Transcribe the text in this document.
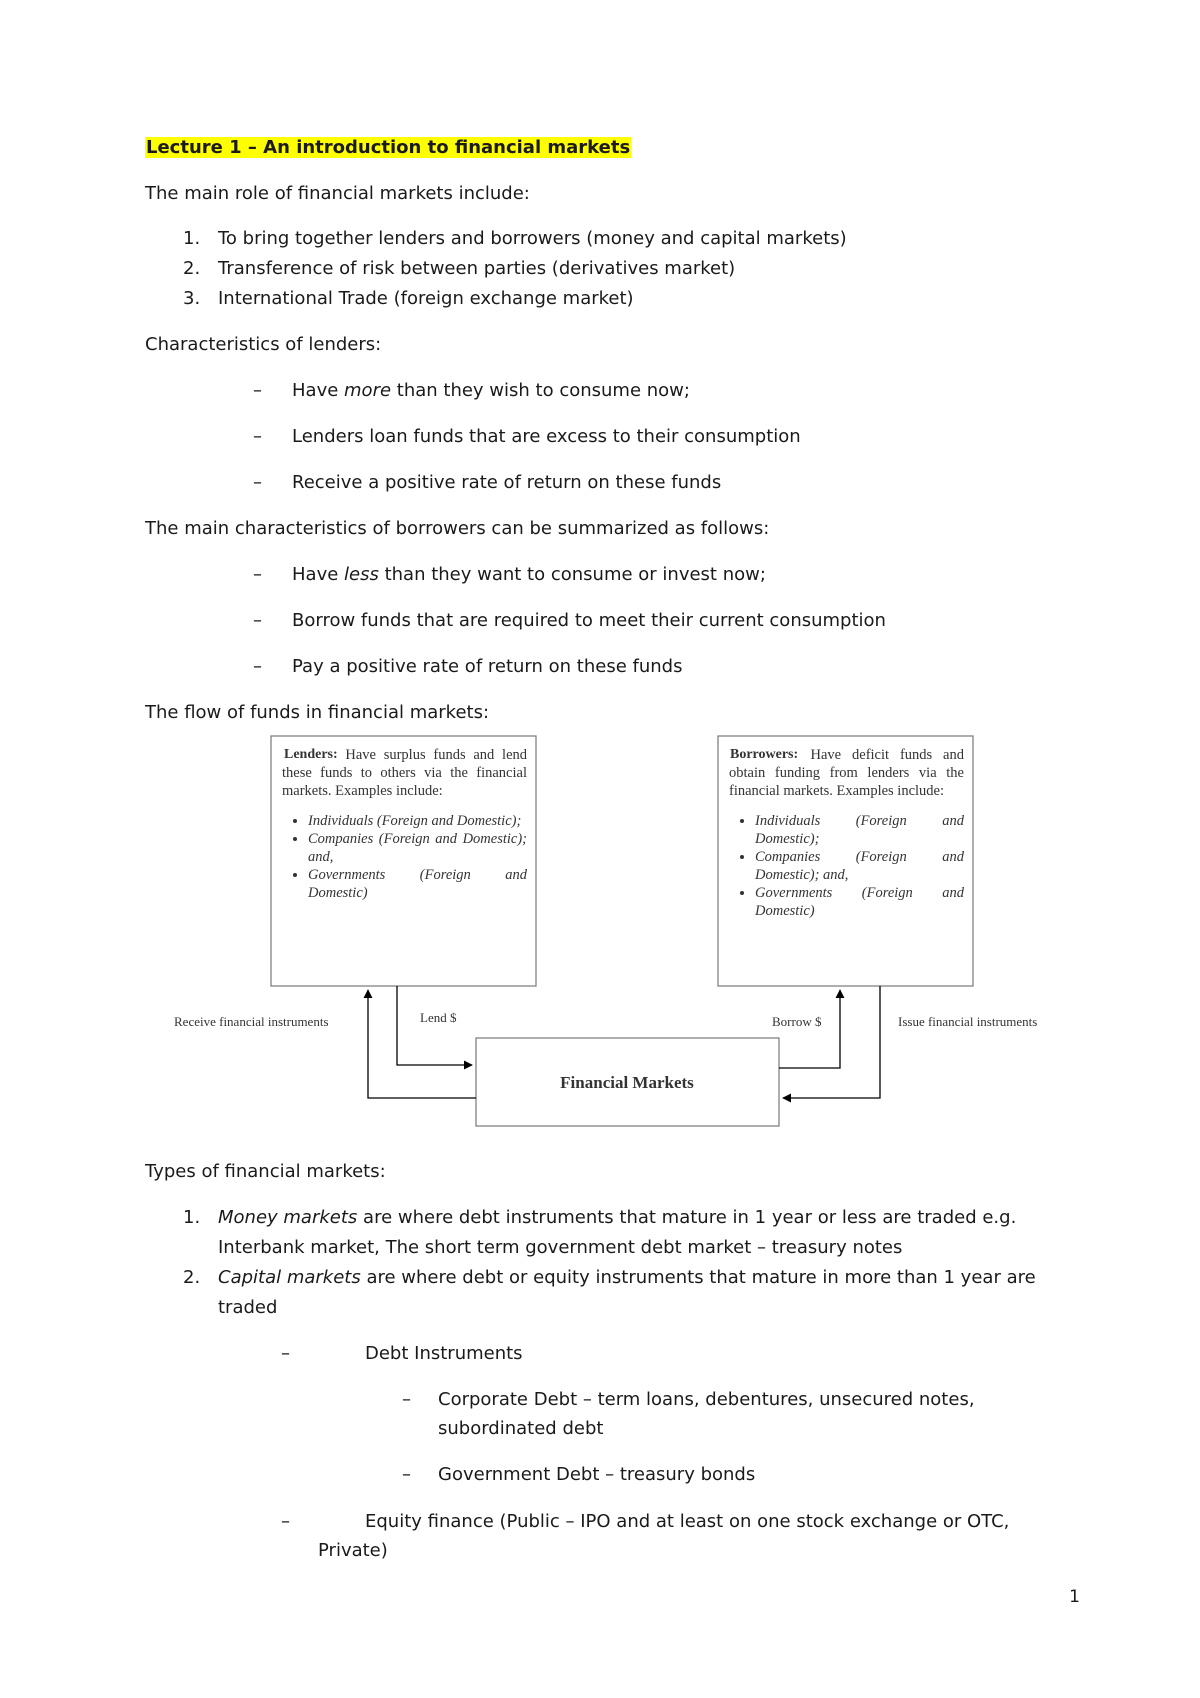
Lecture 1 – An introduction to financial markets
The main role of financial markets include:
1. To bring together lenders and borrowers (money and capital markets)
2. Transference of risk between parties (derivatives market)
3. International Trade (foreign exchange market)
Characteristics of lenders:
– Have more than they wish to consume now;
– Lenders loan funds that are excess to their consumption
– Receive a positive rate of return on these funds
The main characteristics of borrowers can be summarized as follows:
– Have less than they want to consume or invest now;
– Borrow funds that are required to meet their current consumption
– Pay a positive rate of return on these funds
The flow of funds in financial markets:
Lenders: Have surplus funds and lend these funds to others via the financial markets. Examples include:
• Individuals (Foreign and Domestic);
• Companies (Foreign and Domestic); and,
• Governments (Foreign and Domestic)
Borrowers: Have deficit funds and obtain funding from lenders via the financial markets. Examples include:
• Individuals (Foreign and Domestic);
• Companies (Foreign and Domestic); and,
• Governments (Foreign and Domestic)
Financial Markets
Receive financial instruments	Lend $	Borrow $	Issue financial instruments
Types of financial markets:
1. Money markets are where debt instruments that mature in 1 year or less are traded e.g.
Interbank market, The short term government debt market – treasury notes
2. Capital markets are where debt or equity instruments that mature in more than 1 year are
traded
–	Debt Instruments
– Corporate Debt – term loans, debentures, unsecured notes,
subordinated debt
– Government Debt – treasury bonds
–	Equity finance (Public – IPO and at least on one stock exchange or OTC,
Private)
1
